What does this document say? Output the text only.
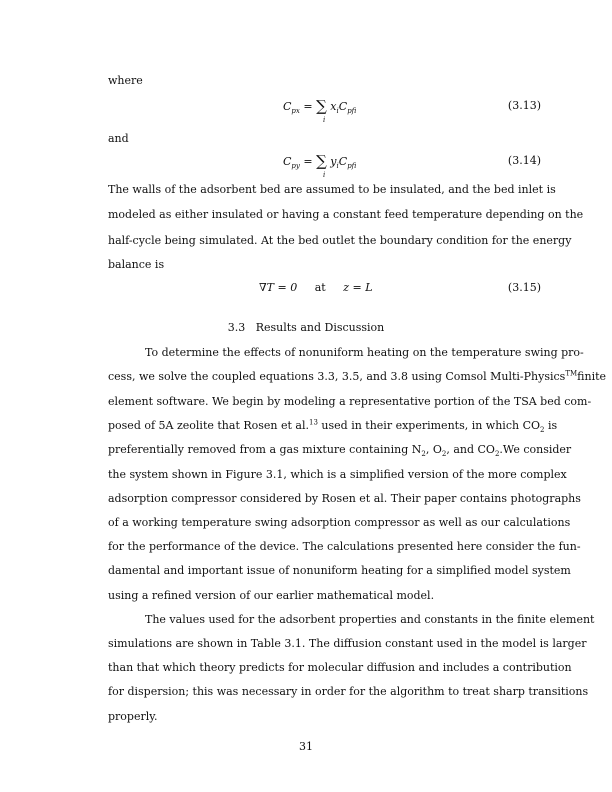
where
$C_{px}$ = ∑ $x_iC_{pfi}$
i
(3.13)
and
$C_{py}$ = ∑ $y_iC_{pfi}$
i
(3.14)
The walls of the adsorbent bed are assumed to be insulated, and the bed inlet is
modeled as either insulated or having a constant feed temperature depending on the
half-cycle being simulated. At the bed outlet the boundary condition for the energy
balance is
∇T = 0 at z = L	(3.15)
3.3   Results and Discussion
To determine the effects of nonuniform heating on the temperature swing pro-
cess, we solve the coupled equations 3.3, 3.5, and 3.8 using Comsol Multi-Physics™finite
element software. We begin by modeling a representative portion of the TSA bed com-
posed of 5A zeolite that Rosen et al.$^{13}$ used in their experiments, in which $CO_2$ is
preferentially removed from a gas mixture containing $N_2$, $O_2$, and $CO_2.We$ consider
the system shown in Figure 3.1, which is a simplified version of the more complex
adsorption compressor considered by Rosen et al. Their paper contains photographs
of a working temperature swing adsorption compressor as well as our calculations
for the performance of the device. The calculations presented here consider the fun-
damental and important issue of nonuniform heating for a simplified model system
using a refined version of our earlier mathematical model.
The values used for the adsorbent properties and constants in the finite element
simulations are shown in Table 3.1. The diffusion constant used in the model is larger
than that which theory predicts for molecular diffusion and includes a contribution
for dispersion; this was necessary in order for the algorithm to treat sharp transitions
properly.
31
